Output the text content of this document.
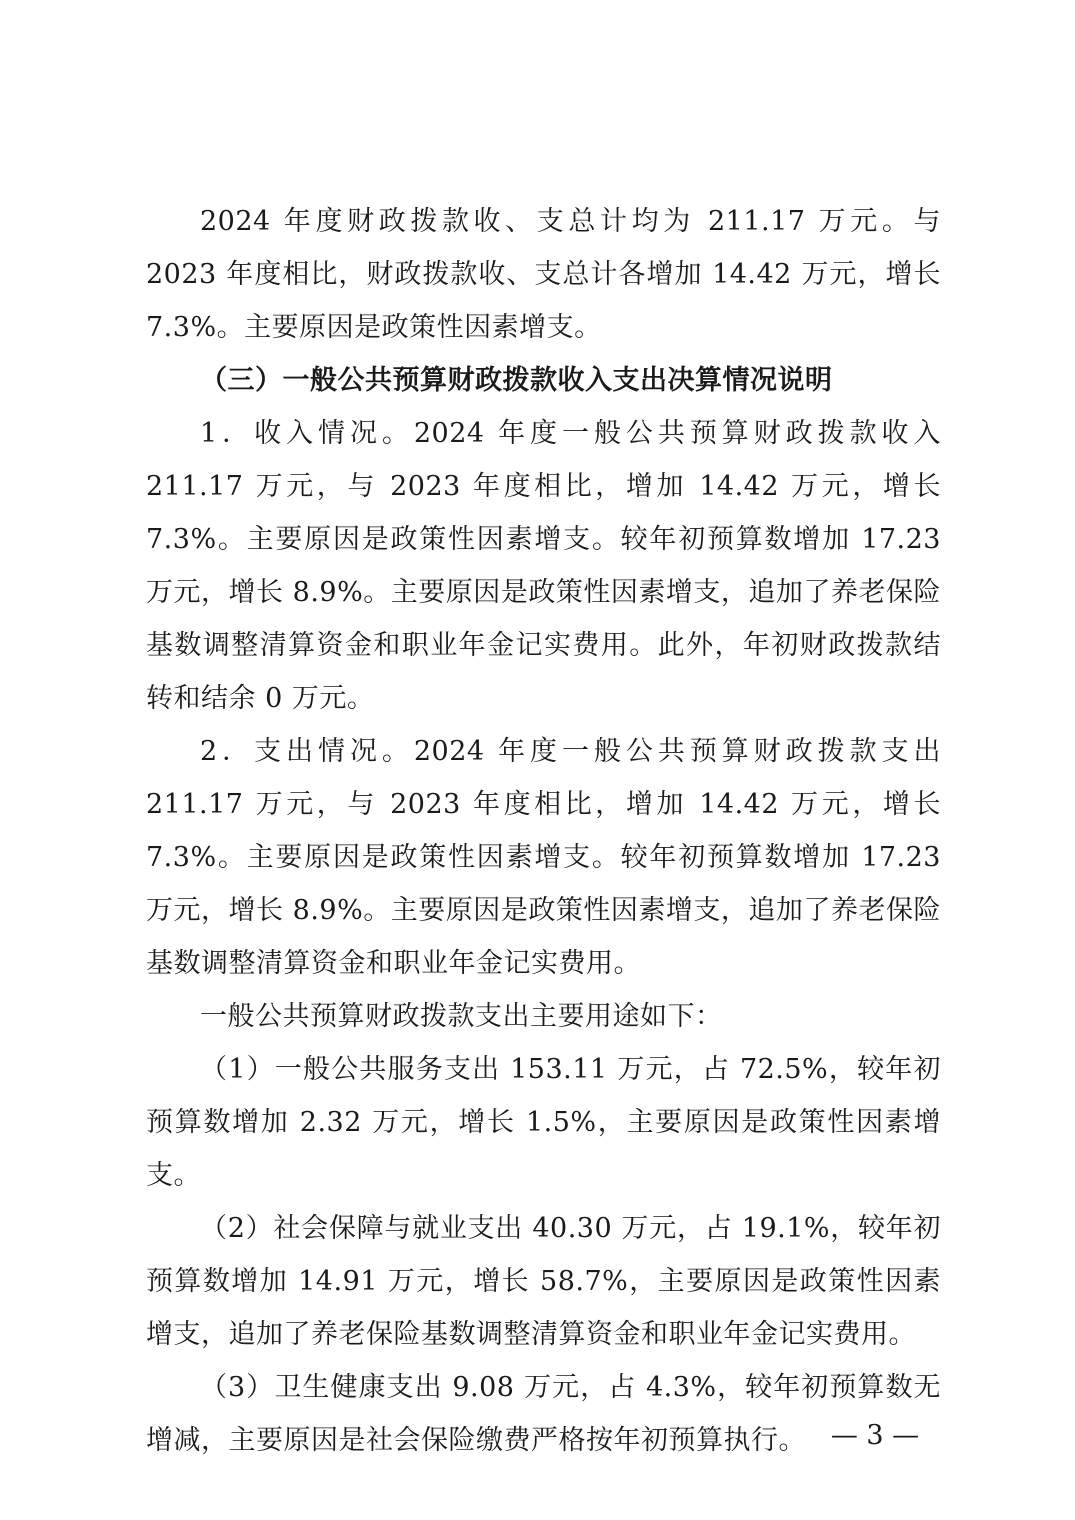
2024 年度财政拨款收、支总计均为 211.17 万元。与 2023 年度相比，财政拨款收、支总计各增加 14.42 万元，增长 7.3%。主要原因是政策性因素增支。

（三）一般公共预算财政拨款收入支出决算情况说明

1．收入情况。2024 年度一般公共预算财政拨款收入 211.17 万元，与 2023 年度相比，增加 14.42 万元，增长 7.3%。主要原因是政策性因素增支。较年初预算数增加 17.23 万元，增长 8.9%。主要原因是政策性因素增支，追加了养老保险基数调整清算资金和职业年金记实费用。此外，年初财政拨款结转和结余 0 万元。

2．支出情况。2024 年度一般公共预算财政拨款支出 211.17 万元，与 2023 年度相比，增加 14.42 万元，增长 7.3%。主要原因是政策性因素增支。较年初预算数增加 17.23 万元，增长 8.9%。主要原因是政策性因素增支，追加了养老保险基数调整清算资金和职业年金记实费用。

一般公共预算财政拨款支出主要用途如下：

（1）一般公共服务支出 153.11 万元，占 72.5%，较年初预算数增加 2.32 万元，增长 1.5%，主要原因是政策性因素增支。

（2）社会保障与就业支出 40.30 万元，占 19.1%，较年初预算数增加 14.91 万元，增长 58.7%，主要原因是政策性因素增支，追加了养老保险基数调整清算资金和职业年金记实费用。

（3）卫生健康支出 9.08 万元，占 4.3%，较年初预算数无增减，主要原因是社会保险缴费严格按年初预算执行。 — 3 —
